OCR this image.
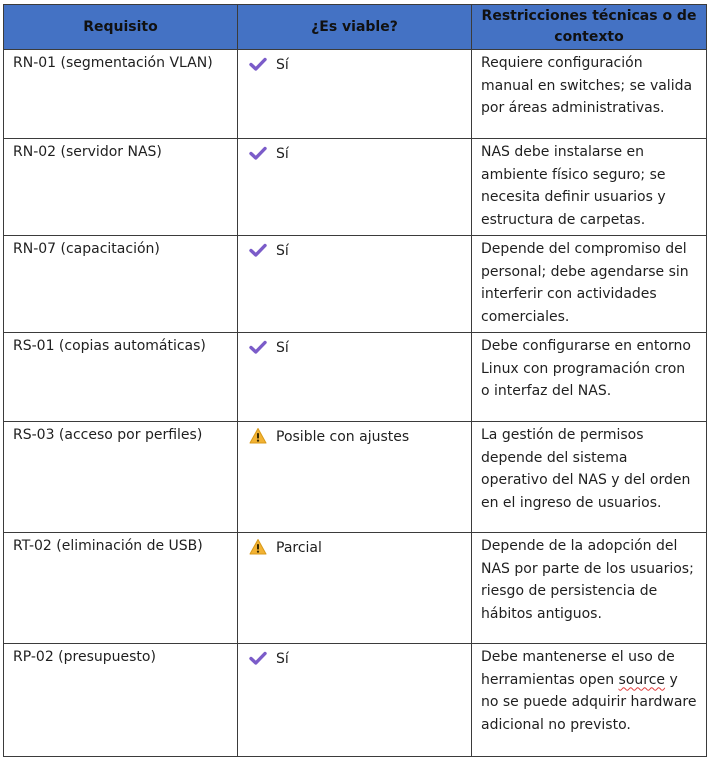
Requisito	¿Es viable?	Restricciones técnicas o de contexto
RN-01 (segmentación VLAN)	Sí	Requiere configuración manual en switches; se valida por áreas administrativas.
RN-02 (servidor NAS)	Sí	NAS debe instalarse en ambiente físico seguro; se necesita definir usuarios y estructura de carpetas.
RN-07 (capacitación)	Sí	Depende del compromiso del personal; debe agendarse sin interferir con actividades comerciales.
RS-01 (copias automáticas)	Sí	Debe configurarse en entorno Linux con programación cron o interfaz del NAS.
RS-03 (acceso por perfiles)	Posible con ajustes	La gestión de permisos depende del sistema operativo del NAS y del orden en el ingreso de usuarios.
RT-02 (eliminación de USB)	Parcial	Depende de la adopción del NAS por parte de los usuarios; riesgo de persistencia de hábitos antiguos.
RP-02 (presupuesto)	Sí	Debe mantenerse el uso de herramientas open source y no se puede adquirir hardware adicional no previsto.
